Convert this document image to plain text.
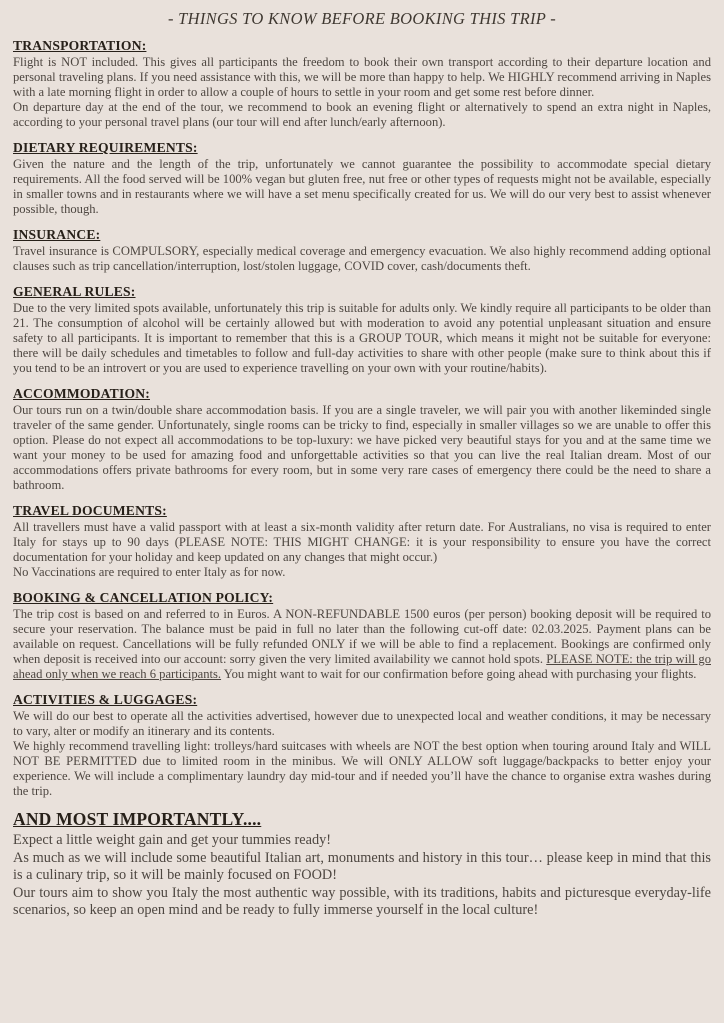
- THINGS TO KNOW BEFORE BOOKING THIS TRIP -
TRANSPORTATION:

Flight is NOT included. This gives all participants the freedom to book their own transport according to their departure location and personal traveling plans. If you need assistance with this, we will be more than happy to help. We HIGHLY recommend arriving in Naples with a late morning flight in order to allow a couple of hours to settle in your room and get some rest before dinner.

On departure day at the end of the tour, we recommend to book an evening flight or alternatively to spend an extra night in Naples, according to your personal travel plans (our tour will end after lunch/early afternoon).

DIETARY REQUIREMENTS:

Given the nature and the length of the trip, unfortunately we cannot guarantee the possibility to accommodate special dietary requirements. All the food served will be 100% vegan but gluten free, nut free or other types of requests might not be available, especially in smaller towns and in restaurants where we will have a set menu specifically created for us. We will do our very best to assist whenever possible, though.

INSURANCE:

Travel insurance is COMPULSORY, especially medical coverage and emergency evacuation. We also highly recommend adding optional clauses such as trip cancellation/interruption, lost/stolen luggage, COVID cover, cash/documents theft.

GENERAL RULES:

Due to the very limited spots available, unfortunately this trip is suitable for adults only. We kindly require all participants to be older than 21. The consumption of alcohol will be certainly allowed but with moderation to avoid any potential unpleasant situation and ensure safety to all participants. It is important to remember that this is a GROUP TOUR, which means it might not be suitable for everyone: there will be daily schedules and timetables to follow and full-day activities to share with other people (make sure to think about this if you tend to be an introvert or you are used to experience travelling on your own with your routine/habits).

ACCOMMODATION:

Our tours run on a twin/double share accommodation basis. If you are a single traveler, we will pair you with another likeminded single traveler of the same gender. Unfortunately, single rooms can be tricky to find, especially in smaller villages so we are unable to offer this option. Please do not expect all accommodations to be top-luxury: we have picked very beautiful stays for you and at the same time we want your money to be used for amazing food and unforgettable activities so that you can live the real Italian dream. Most of our accommodations offers private bathrooms for every room, but in some very rare cases of emergency there could be the need to share a bathroom.

TRAVEL DOCUMENTS:

All travellers must have a valid passport with at least a six-month validity after return date. For Australians, no visa is required to enter Italy for stays up to 90 days (PLEASE NOTE: THIS MIGHT CHANGE: it is your responsibility to ensure you have the correct documentation for your holiday and keep updated on any changes that might occur.)

No Vaccinations are required to enter Italy as for now.

BOOKING & CANCELLATION POLICY:

The trip cost is based on and referred to in Euros. A NON-REFUNDABLE 1500 euros (per person) booking deposit will be required to secure your reservation. The balance must be paid in full no later than the following cut-off date: 02.03.2025. Payment plans can be available on request. Cancellations will be fully refunded ONLY if we will be able to find a replacement. Bookings are confirmed only when deposit is received into our account: sorry given the very limited availability we cannot hold spots. PLEASE NOTE: the trip will go ahead only when we reach 6 participants. You might want to wait for our confirmation before going ahead with purchasing your flights.

ACTIVITIES & LUGGAGES:

We will do our best to operate all the activities advertised, however due to unexpected local and weather conditions, it may be necessary to vary, alter or modify an itinerary and its contents.

We highly recommend travelling light: trolleys/hard suitcases with wheels are NOT the best option when touring around Italy and WILL NOT BE PERMITTED due to limited room in the minibus. We will ONLY ALLOW soft luggage/backpacks to better enjoy your experience. We will include a complimentary laundry day mid-tour and if needed you’ll have the chance to organise extra washes during the trip.

AND MOST IMPORTANTLY....

Expect a little weight gain and get your tummies ready!

As much as we will include some beautiful Italian art, monuments and history in this tour… please keep in mind that this is a culinary trip, so it will be mainly focused on FOOD!

Our tours aim to show you Italy the most authentic way possible, with its traditions, habits and picturesque everyday-life scenarios, so keep an open mind and be ready to fully immerse yourself in the local culture!
